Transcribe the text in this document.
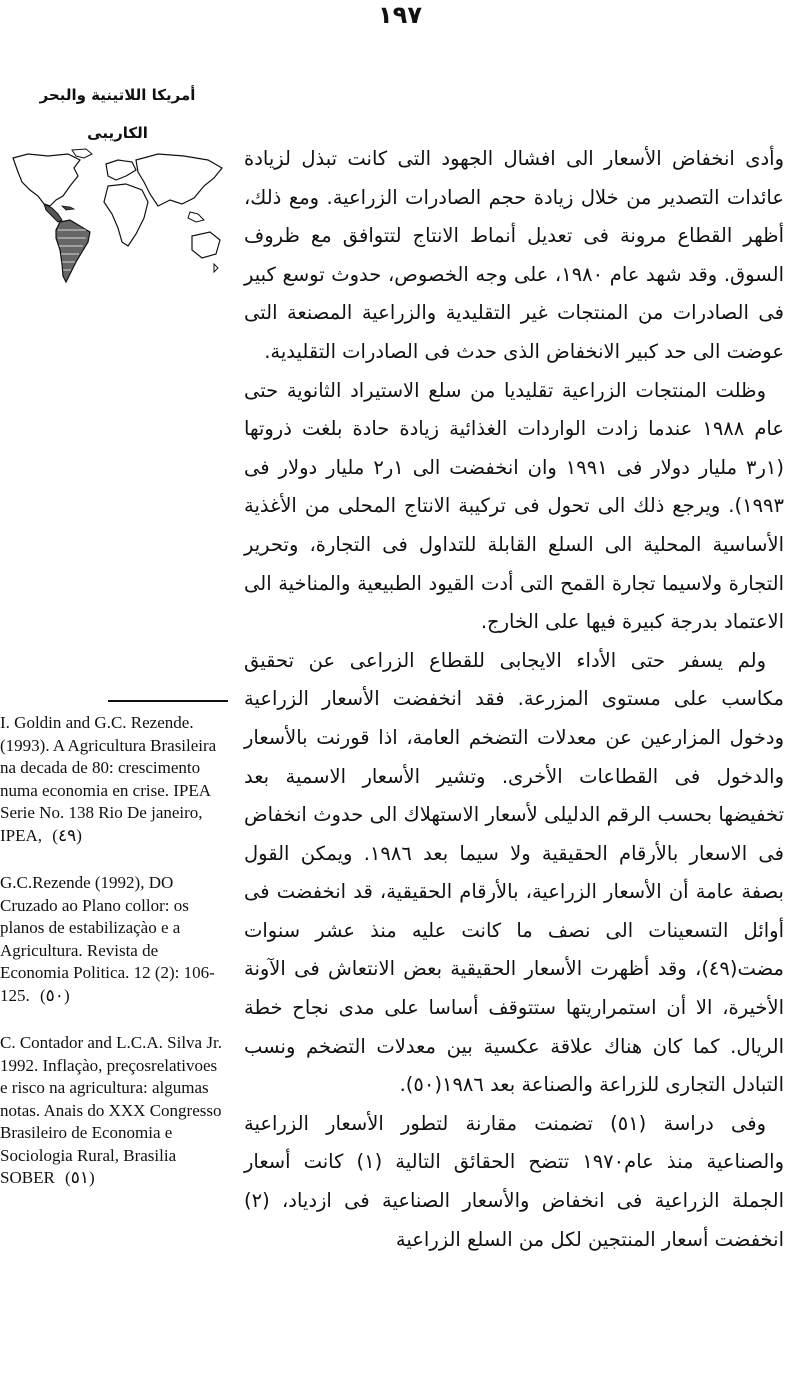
١٩٧
أمريكا اللاتينية والبحر
الكاريبى

وأدى انخفاض الأسعار الى افشال الجهود التى كانت تبذل لزيادة عائدات التصدير من خلال زيادة حجم الصادرات الزراعية. ومع ذلك، أظهر القطاع مرونة فى تعديل أنماط الانتاج لتتوافق مع ظروف السوق. وقد شهد عام ١٩٨٠، على وجه الخصوص، حدوث توسع كبير فى الصادرات من المنتجات غير التقليدية والزراعية المصنعة التى عوضت الى حد كبير الانخفاض الذى حدث فى الصادرات التقليدية.

وظلت المنتجات الزراعية تقليديا من سلع الاستيراد الثانوية حتى عام ١٩٨٨ عندما زادت الواردات الغذائية زيادة حادة بلغت ذروتها (١ر٣ مليار دولار فى ١٩٩١ وان انخفضت الى ١ر٢ مليار دولار فى ١٩٩٣). ويرجع ذلك الى تحول فى تركيبة الانتاج المحلى من الأغذية الأساسية المحلية الى السلع القابلة للتداول فى التجارة، وتحرير التجارة ولاسيما تجارة القمح التى أدت القيود الطبيعية والمناخية الى الاعتماد بدرجة كبيرة فيها على الخارج.

ولم يسفر حتى الأداء الايجابى للقطاع الزراعى عن تحقيق مكاسب على مستوى المزرعة. فقد انخفضت الأسعار الزراعية ودخول المزارعين عن معدلات التضخم العامة، اذا قورنت بالأسعار والدخول فى القطاعات الأخرى. وتشير الأسعار الاسمية بعد تخفيضها بحسب الرقم الدليلى لأسعار الاستهلاك الى حدوث انخفاض فى الاسعار بالأرقام الحقيقية ولا سيما بعد ١٩٨٦. ويمكن القول بصفة عامة أن الأسعار الزراعية، بالأرقام الحقيقية، قد انخفضت فى أوائل التسعينات الى نصف ما كانت عليه منذ عشر سنوات مضت(٤٩)، وقد أظهرت الأسعار الحقيقية بعض الانتعاش فى الآونة الأخيرة، الا أن استمراريتها ستتوقف أساسا على مدى نجاح خطة الريال. كما كان هناك علاقة عكسية بين معدلات التضخم ونسب التبادل التجارى للزراعة والصناعة بعد ١٩٨٦(٥٠).

وفى دراسة (٥١) تضمنت مقارنة لتطور الأسعار الزراعية والصناعية منذ عام١٩٧٠ تتضح الحقائق التالية (١) كانت أسعار الجملة الزراعية فى انخفاض والأسعار الصناعية فى ازدياد، (٢) انخفضت أسعار المنتجين لكل من السلع الزراعية

I. Goldin and G.C. Rezende. (1993). A Agricultura Brasileira na decada de 80: crescimento numa economia en crise. IPEA Serie No. 138 Rio De janeiro, IPEA, (٤٩)
G.C.Rezende (1992), DO Cruzado ao Plano collor: os planos de estabilizaçào e a Agricultura. Revista de Economia Politica. 12 (2): 106-125. (٥٠)
C. Contador and L.C.A. Silva Jr. 1992. Inflaçào, preçosrelativoes e risco na agricultura: algumas notas. Anais do XXX Congresso Brasileiro de Economia e Sociologia Rural, Brasilia SOBER (٥١)
